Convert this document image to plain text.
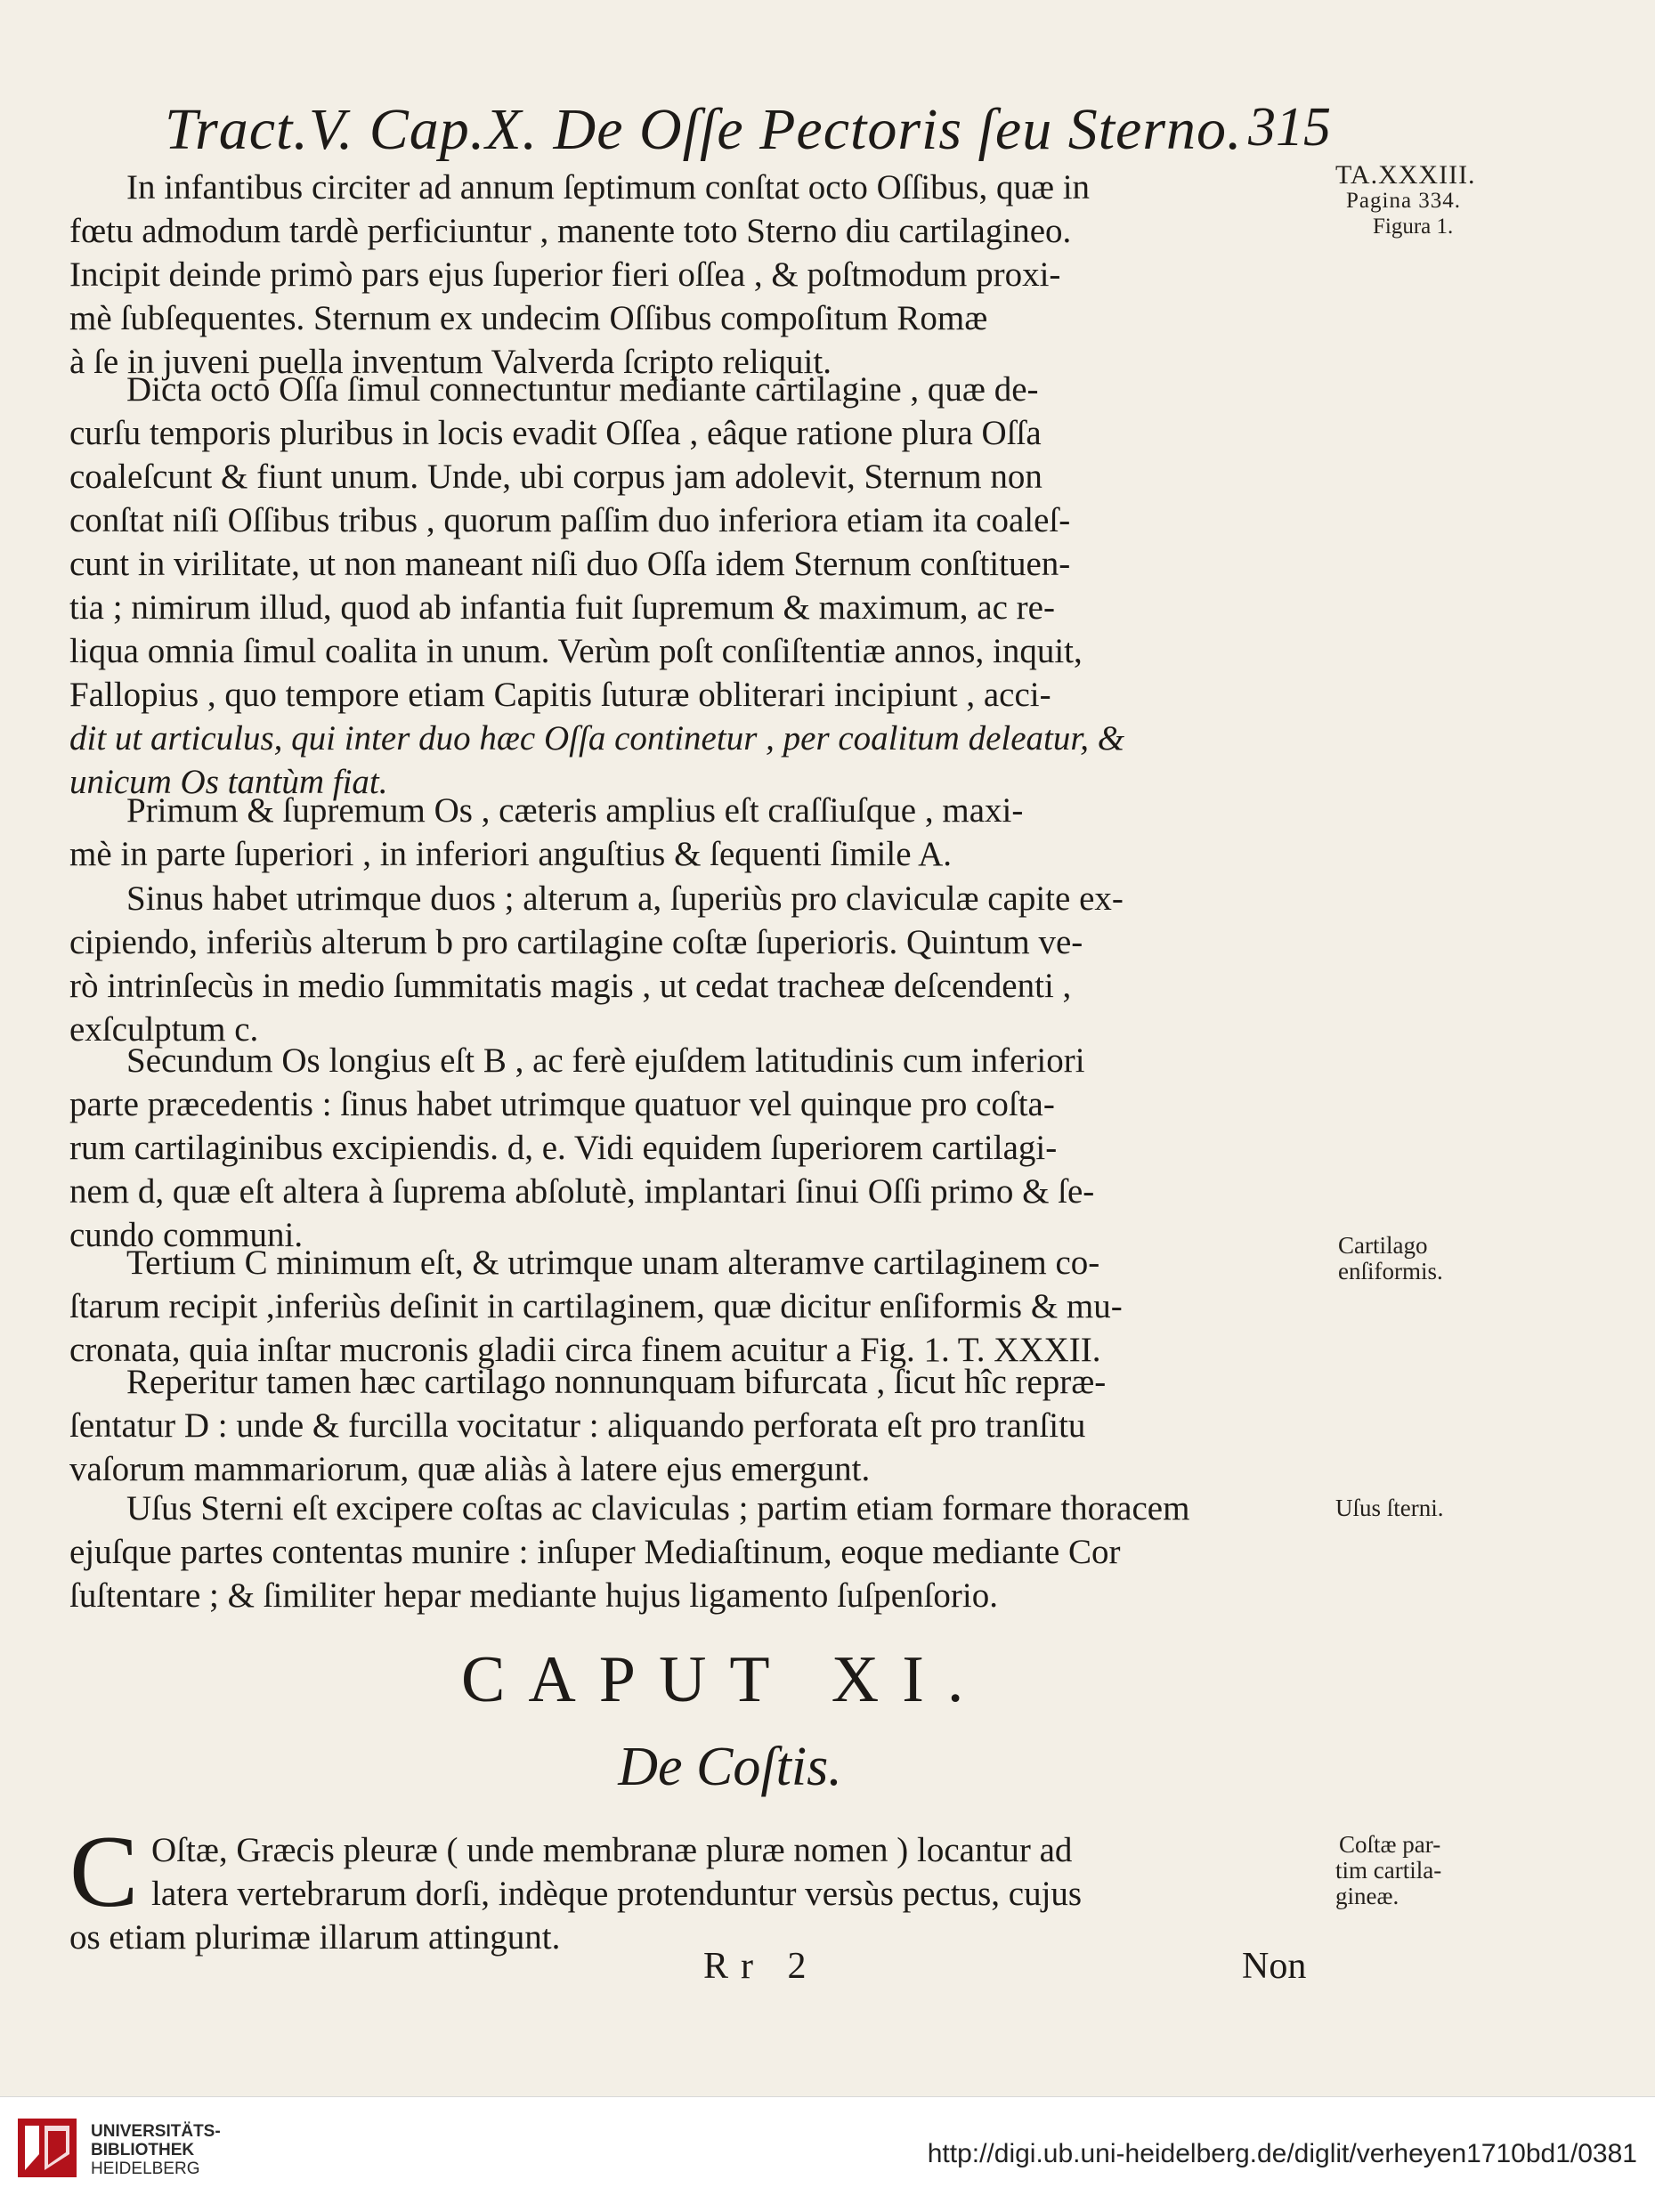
Tract.V. Cap.X. De Oſſe Pectoris ſeu Sterno. 315
TA.XXXIII.
Pagina 334.
Figura 1.
Cartilago
enſiformis.
Uſus ſterni.
Coſtæ par-
tim cartila-
gineæ.
In infantibus circiter ad annum ſeptimum conſtat octo Oſſibus, quæ in
fœtu admodum tardè perficiuntur , manente toto Sterno diu cartilagineo.
Incipit deinde primò pars ejus ſuperior fieri oſſea , & poſtmodum proxi-
mè ſubſequentes. Sternum ex undecim Oſſibus compoſitum Romæ
à ſe in juveni puella inventum Valverda ſcripto reliquit.
Dicta octo Oſſa ſimul connectuntur mediante cartilagine , quæ de-
curſu temporis pluribus in locis evadit Oſſea , eâque ratione plura Oſſa
coaleſcunt & fiunt unum. Unde, ubi corpus jam adolevit, Sternum non
conſtat niſi Oſſibus tribus , quorum paſſim duo inferiora etiam ita coaleſ-
cunt in virilitate, ut non maneant niſi duo Oſſa idem Sternum conſtituen-
tia ; nimirum illud, quod ab infantia fuit ſupremum & maximum, ac re-
liqua omnia ſimul coalita in unum. Verùm poſt conſiſtentiæ annos, inquit,
Fallopius , quo tempore etiam Capitis ſuturæ obliterari incipiunt , acci-
dit ut articulus, qui inter duo hæc Oſſa continetur , per coalitum deleatur, &
unicum Os tantùm fiat.
Primum & ſupremum Os , cæteris amplius eſt craſſiuſque , maxi-
mè in parte ſuperiori , in inferiori anguſtius & ſequenti ſimile A.
Sinus habet utrimque duos ; alterum a, ſuperiùs pro claviculæ capite ex-
cipiendo, inferiùs alterum b pro cartilagine coſtæ ſuperioris. Quintum ve-
rò intrinſecùs in medio ſummitatis magis , ut cedat tracheæ deſcendenti ,
exſculptum c.
Secundum Os longius eſt B , ac ferè ejuſdem latitudinis cum inferiori
parte præcedentis : ſinus habet utrimque quatuor vel quinque pro coſta-
rum cartilaginibus excipiendis. d, e. Vidi equidem ſuperiorem cartilagi-
nem d, quæ eſt altera à ſuprema abſolutè, implantari ſinui Oſſi primo & ſe-
cundo communi.
Tertium C minimum eſt, & utrimque unam alteramve cartilaginem co-
ſtarum recipit ,inferiùs deſinit in cartilaginem, quæ dicitur enſiformis & mu-
cronata, quia inſtar mucronis gladii circa finem acuitur a Fig. 1. T. XXXII.
Reperitur tamen hæc cartilago nonnunquam bifurcata , ſicut hîc repræ-
ſentatur D : unde & furcilla vocitatur : aliquando perforata eſt pro tranſitu
vaſorum mammariorum, quæ aliàs à latere ejus emergunt.
Uſus Sterni eſt excipere coſtas ac claviculas ; partim etiam formare thoracem
ejuſque partes contentas munire : inſuper Mediaſtinum, eoque mediante Cor
ſuſtentare ; & ſimiliter hepar mediante hujus ligamento ſuſpenſorio.
CAPUT XI.
De Coſtis.
C Oſtæ, Græcis pleuræ ( unde membranæ pluræ nomen ) locantur ad
latera vertebrarum dorſi, indèque protenduntur versùs pectus, cujus
os etiam plurimæ illarum attingunt.
Rr 2	Non
UNIVERSITÄTS-
BIBLIOTHEK
HEIDELBERG
http://digi.ub.uni-heidelberg.de/diglit/verheyen1710bd1/0381
